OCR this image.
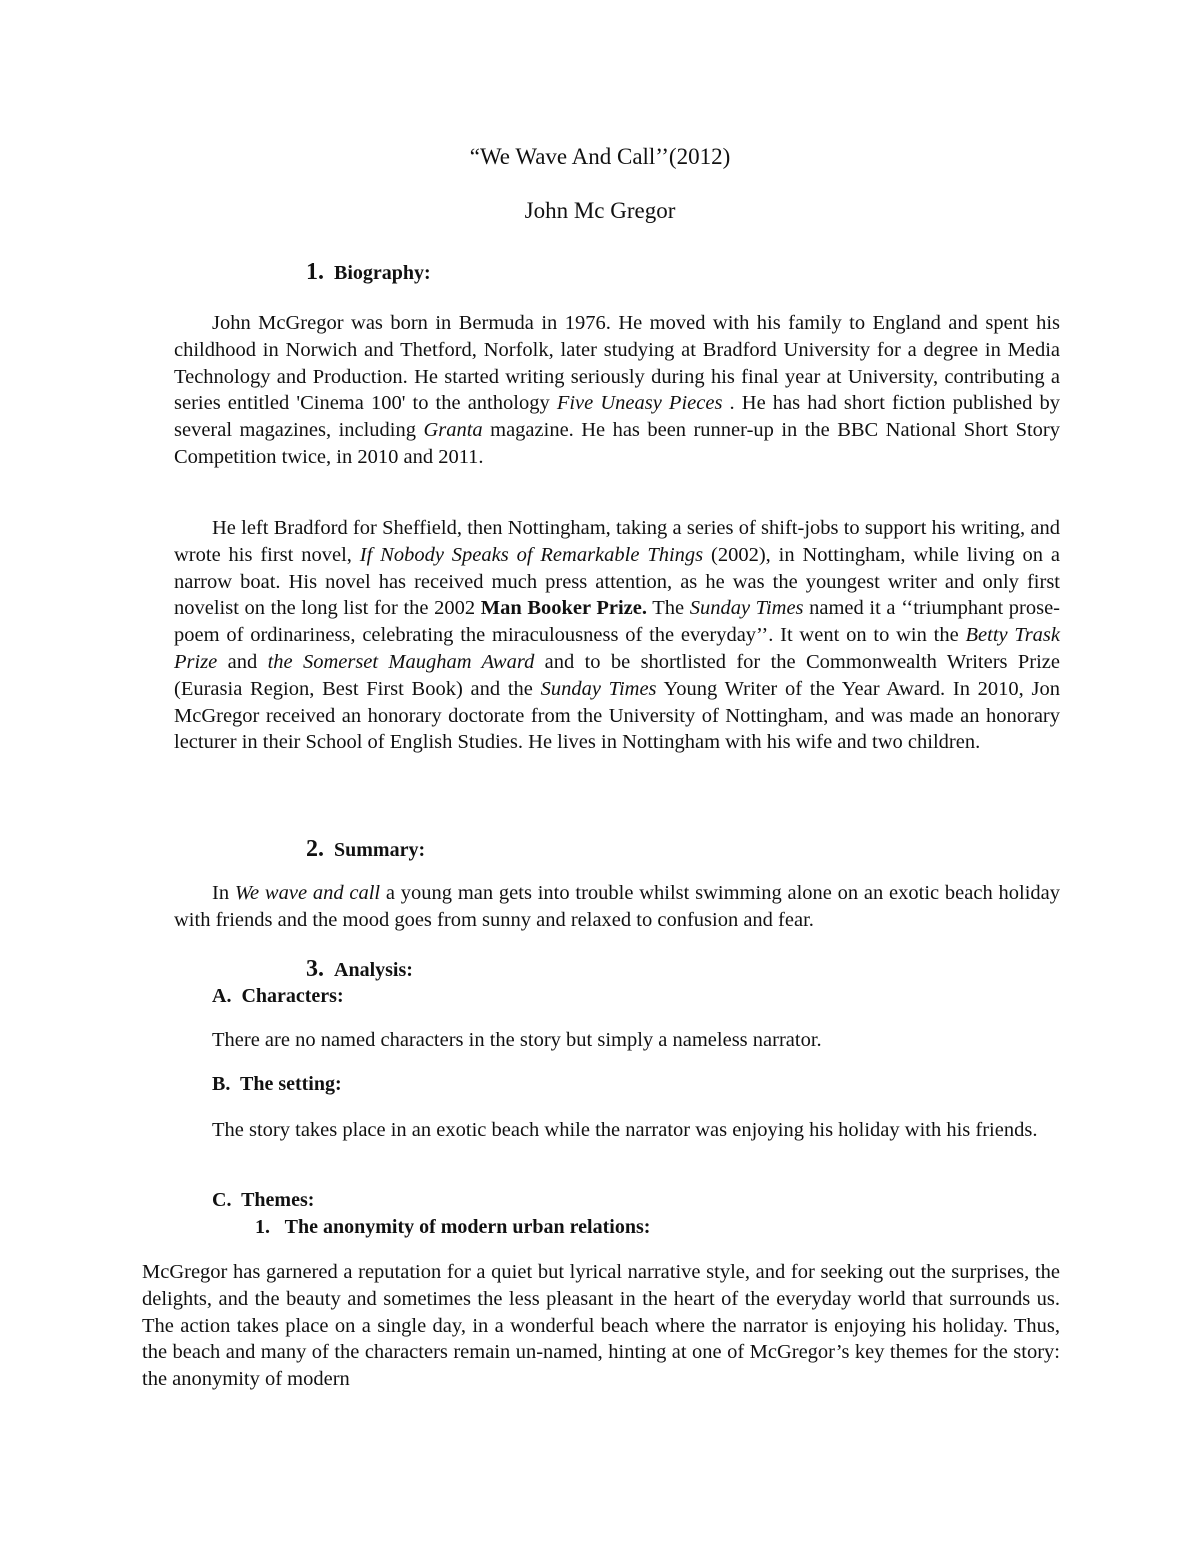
“We Wave And Call’’(2012)
John Mc Gregor
1. Biography:

John McGregor was born in Bermuda in 1976. He moved with his family to England and spent his childhood in Norwich and Thetford, Norfolk, later studying at Bradford University for a degree in Media Technology and Production. He started writing seriously during his final year at University, contributing a series entitled 'Cinema 100' to the anthology Five Uneasy Pieces . He has had short fiction published by several magazines, including Granta magazine. He has been runner-up in the BBC National Short Story Competition twice, in 2010 and 2011.

He left Bradford for Sheffield, then Nottingham, taking a series of shift-jobs to support his writing, and wrote his first novel, If Nobody Speaks of Remarkable Things (2002), in Nottingham, while living on a narrow boat. His novel has received much press attention, as he was the youngest writer and only first novelist on the long list for the 2002 Man Booker Prize. The Sunday Times named it a ‘‘triumphant prose-poem of ordinariness, celebrating the miraculousness of the everyday’’. It went on to win the Betty Trask Prize and the Somerset Maugham Award and to be shortlisted for the Commonwealth Writers Prize (Eurasia Region, Best First Book) and the Sunday Times Young Writer of the Year Award. In 2010, Jon McGregor received an honorary doctorate from the University of Nottingham, and was made an honorary lecturer in their School of English Studies. He lives in Nottingham with his wife and two children.

2. Summary:

In We wave and call a young man gets into trouble whilst swimming alone on an exotic beach holiday with friends and the mood goes from sunny and relaxed to confusion and fear.

3. Analysis:
A.  Characters:

There are no named characters in the story but simply a nameless narrator.

B.  The setting:

The story takes place in an exotic beach while the narrator was enjoying his holiday with his friends.

C.  Themes:
1.   The anonymity of modern urban relations:

McGregor has garnered a reputation for a quiet but lyrical narrative style, and for seeking out the surprises, the delights, and the beauty and sometimes the less pleasant in the heart of the everyday world that surrounds us. The action takes place on a single day, in a wonderful beach where the narrator is enjoying his holiday. Thus, the beach and many of the characters remain un-named, hinting at one of McGregor’s key themes for the story: the anonymity of modern
